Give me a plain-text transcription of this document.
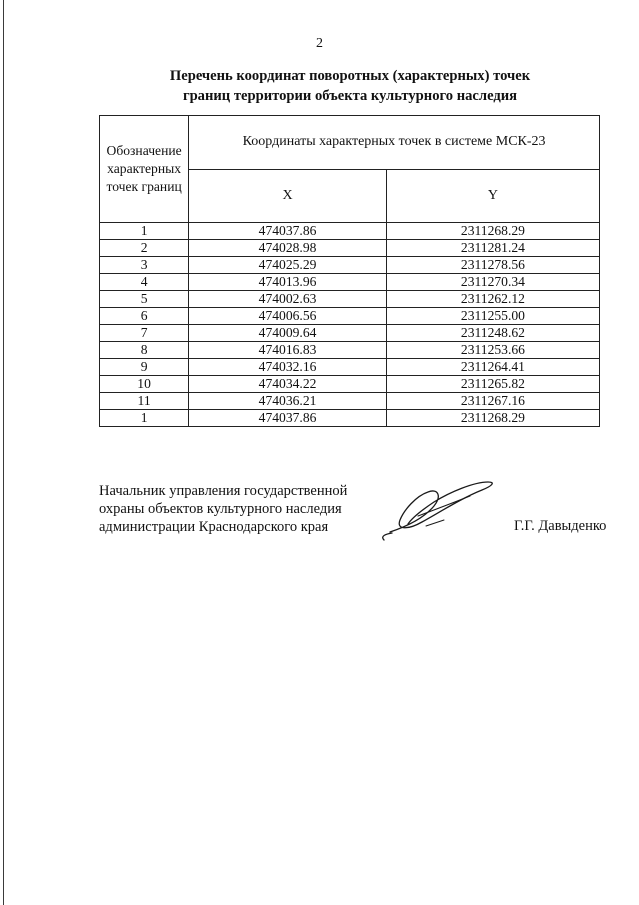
2
Перечень координат поворотных (характерных) точек
границ территории объекта культурного наследия
Обозначение
характерных
точек границ	Координаты характерных точек в системе МСК-23	
	X	Y
1	474037.86	2311268.29
2	474028.98	2311281.24
3	474025.29	2311278.56
4	474013.96	2311270.34
5	474002.63	2311262.12
6	474006.56	2311255.00
7	474009.64	2311248.62
8	474016.83	2311253.66
9	474032.16	2311264.41
10	474034.22	2311265.82
11	474036.21	2311267.16
1	474037.86	2311268.29
Начальник управления государственной
охраны объектов культурного наследия
администрации Краснодарского края	Г.Г. Давыденко
